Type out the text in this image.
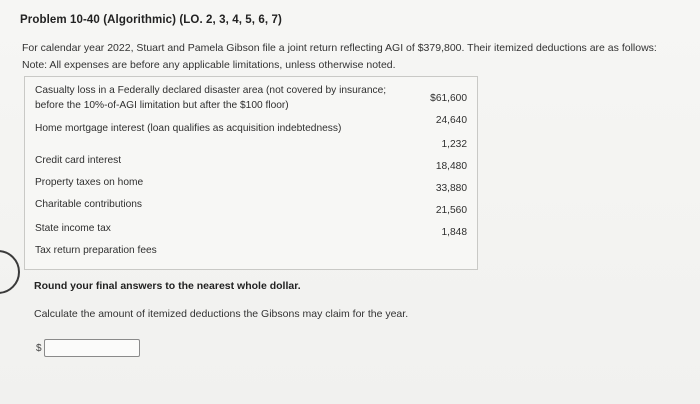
Problem 10-40 (Algorithmic) (LO. 2, 3, 4, 5, 6, 7)
For calendar year 2022, Stuart and Pamela Gibson file a joint return reflecting AGI of $379,800. Their itemized deductions are as follows: Note: All expenses are before any applicable limitations, unless otherwise noted.
Casualty loss in a Federally declared disaster area (not covered by insurance; before the 10%-of-AGI limitation but after the $100 floor)
$61,600
Home mortgage interest (loan qualifies as acquisition indebtedness)
24,640
Credit card interest
1,232
Property taxes on home
18,480
Charitable contributions
33,880
State income tax
21,560
Tax return preparation fees
1,848
Round your final answers to the nearest whole dollar.
Calculate the amount of itemized deductions the Gibsons may claim for the year.
$
